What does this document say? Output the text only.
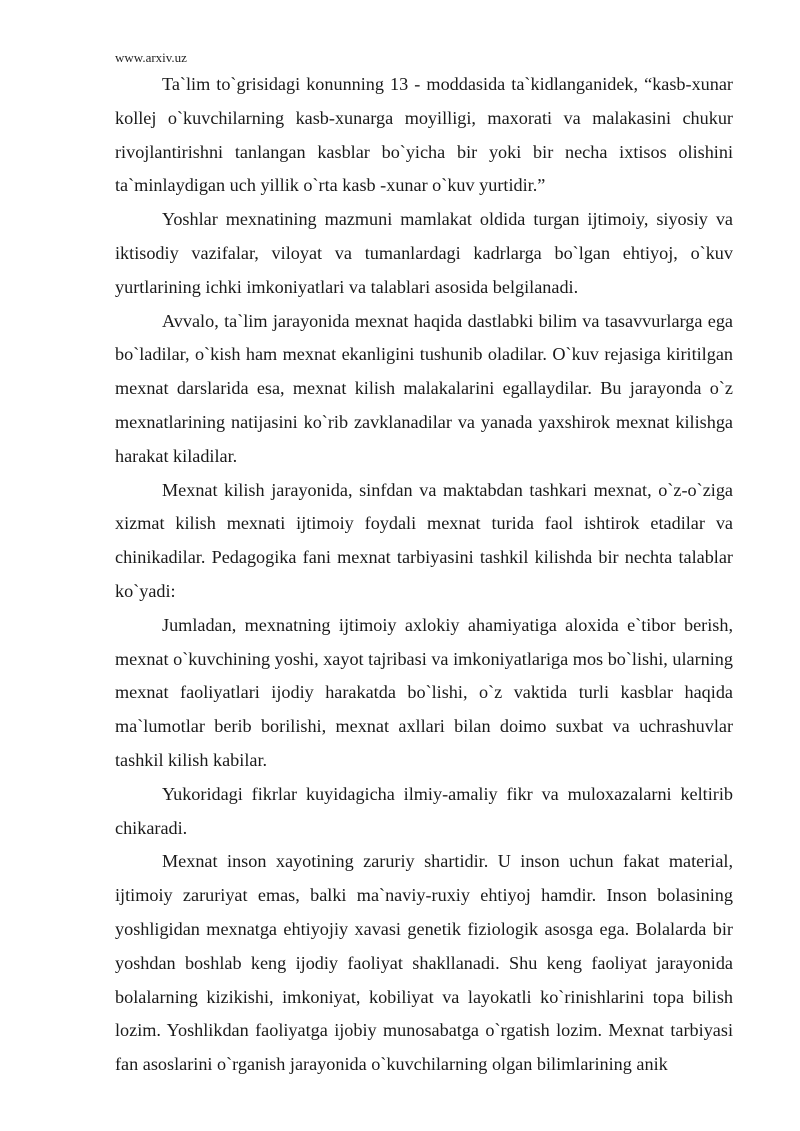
www.arxiv.uz

Ta`lim to`grisidagi konunning 13 - moddasida ta`kidlanganidek, “kasb-xunar kollej o`kuvchilarning kasb-xunarga moyilligi, maxorati va malakasini chukur rivojlantirishni tanlangan kasblar bo`yicha bir yoki bir necha ixtisos olishini ta`minlaydigan uch yillik o`rta kasb -xunar o`kuv yurtidir.”

Yoshlar mexnatining mazmuni mamlakat oldida turgan ijtimoiy, siyosiy va iktisodiy vazifalar, viloyat va tumanlardagi kadrlarga bo`lgan ehtiyoj, o`kuv yurtlarining ichki imkoniyatlari va talablari asosida belgilanadi.

Avvalo, ta`lim jarayonida mexnat haqida dastlabki bilim va tasavvurlarga ega bo`ladilar, o`kish ham mexnat ekanligini tushunib oladilar. O`kuv rejasiga kiritilgan mexnat darslarida esa, mexnat kilish malakalarini egallaydilar. Bu jarayonda o`z mexnatlarining natijasini ko`rib zavklanadilar va yanada yaxshirok mexnat kilishga harakat kiladilar.

Mexnat kilish jarayonida, sinfdan va maktabdan tashkari mexnat, o`z-o`ziga xizmat kilish mexnati ijtimoiy foydali mexnat turida faol ishtirok etadilar va chinikadilar. Pedagogika fani mexnat tarbiyasini tashkil kilishda bir nechta talablar ko`yadi:

Jumladan, mexnatning ijtimoiy axlokiy ahamiyatiga aloxida e`tibor berish, mexnat o`kuvchining yoshi, xayot tajribasi va imkoniyatlariga mos bo`lishi, ularning mexnat faoliyatlari ijodiy harakatda bo`lishi, o`z vaktida turli kasblar haqida ma`lumotlar berib borilishi, mexnat axllari bilan doimo suxbat va uchrashuvlar tashkil kilish kabilar.

Yukoridagi fikrlar kuyidagicha ilmiy-amaliy fikr va muloxazalarni keltirib chikaradi.

Mexnat inson xayotining zaruriy shartidir. U inson uchun fakat material, ijtimoiy zaruriyat emas, balki ma`naviy-ruxiy ehtiyoj hamdir. Inson bolasining yoshligidan mexnatga ehtiyojiy xavasi genetik fiziologik asosga ega. Bolalarda bir yoshdan boshlab keng ijodiy faoliyat shakllanadi. Shu keng faoliyat jarayonida bolalarning kizikishi, imkoniyat, kobiliyat va layokatli ko`rinishlarini topa bilish lozim. Yoshlikdan faoliyatga ijobiy munosabatga o`rgatish lozim. Mexnat tarbiyasi fan asoslarini o`rganish jarayonida o`kuvchilarning olgan bilimlarining anik
